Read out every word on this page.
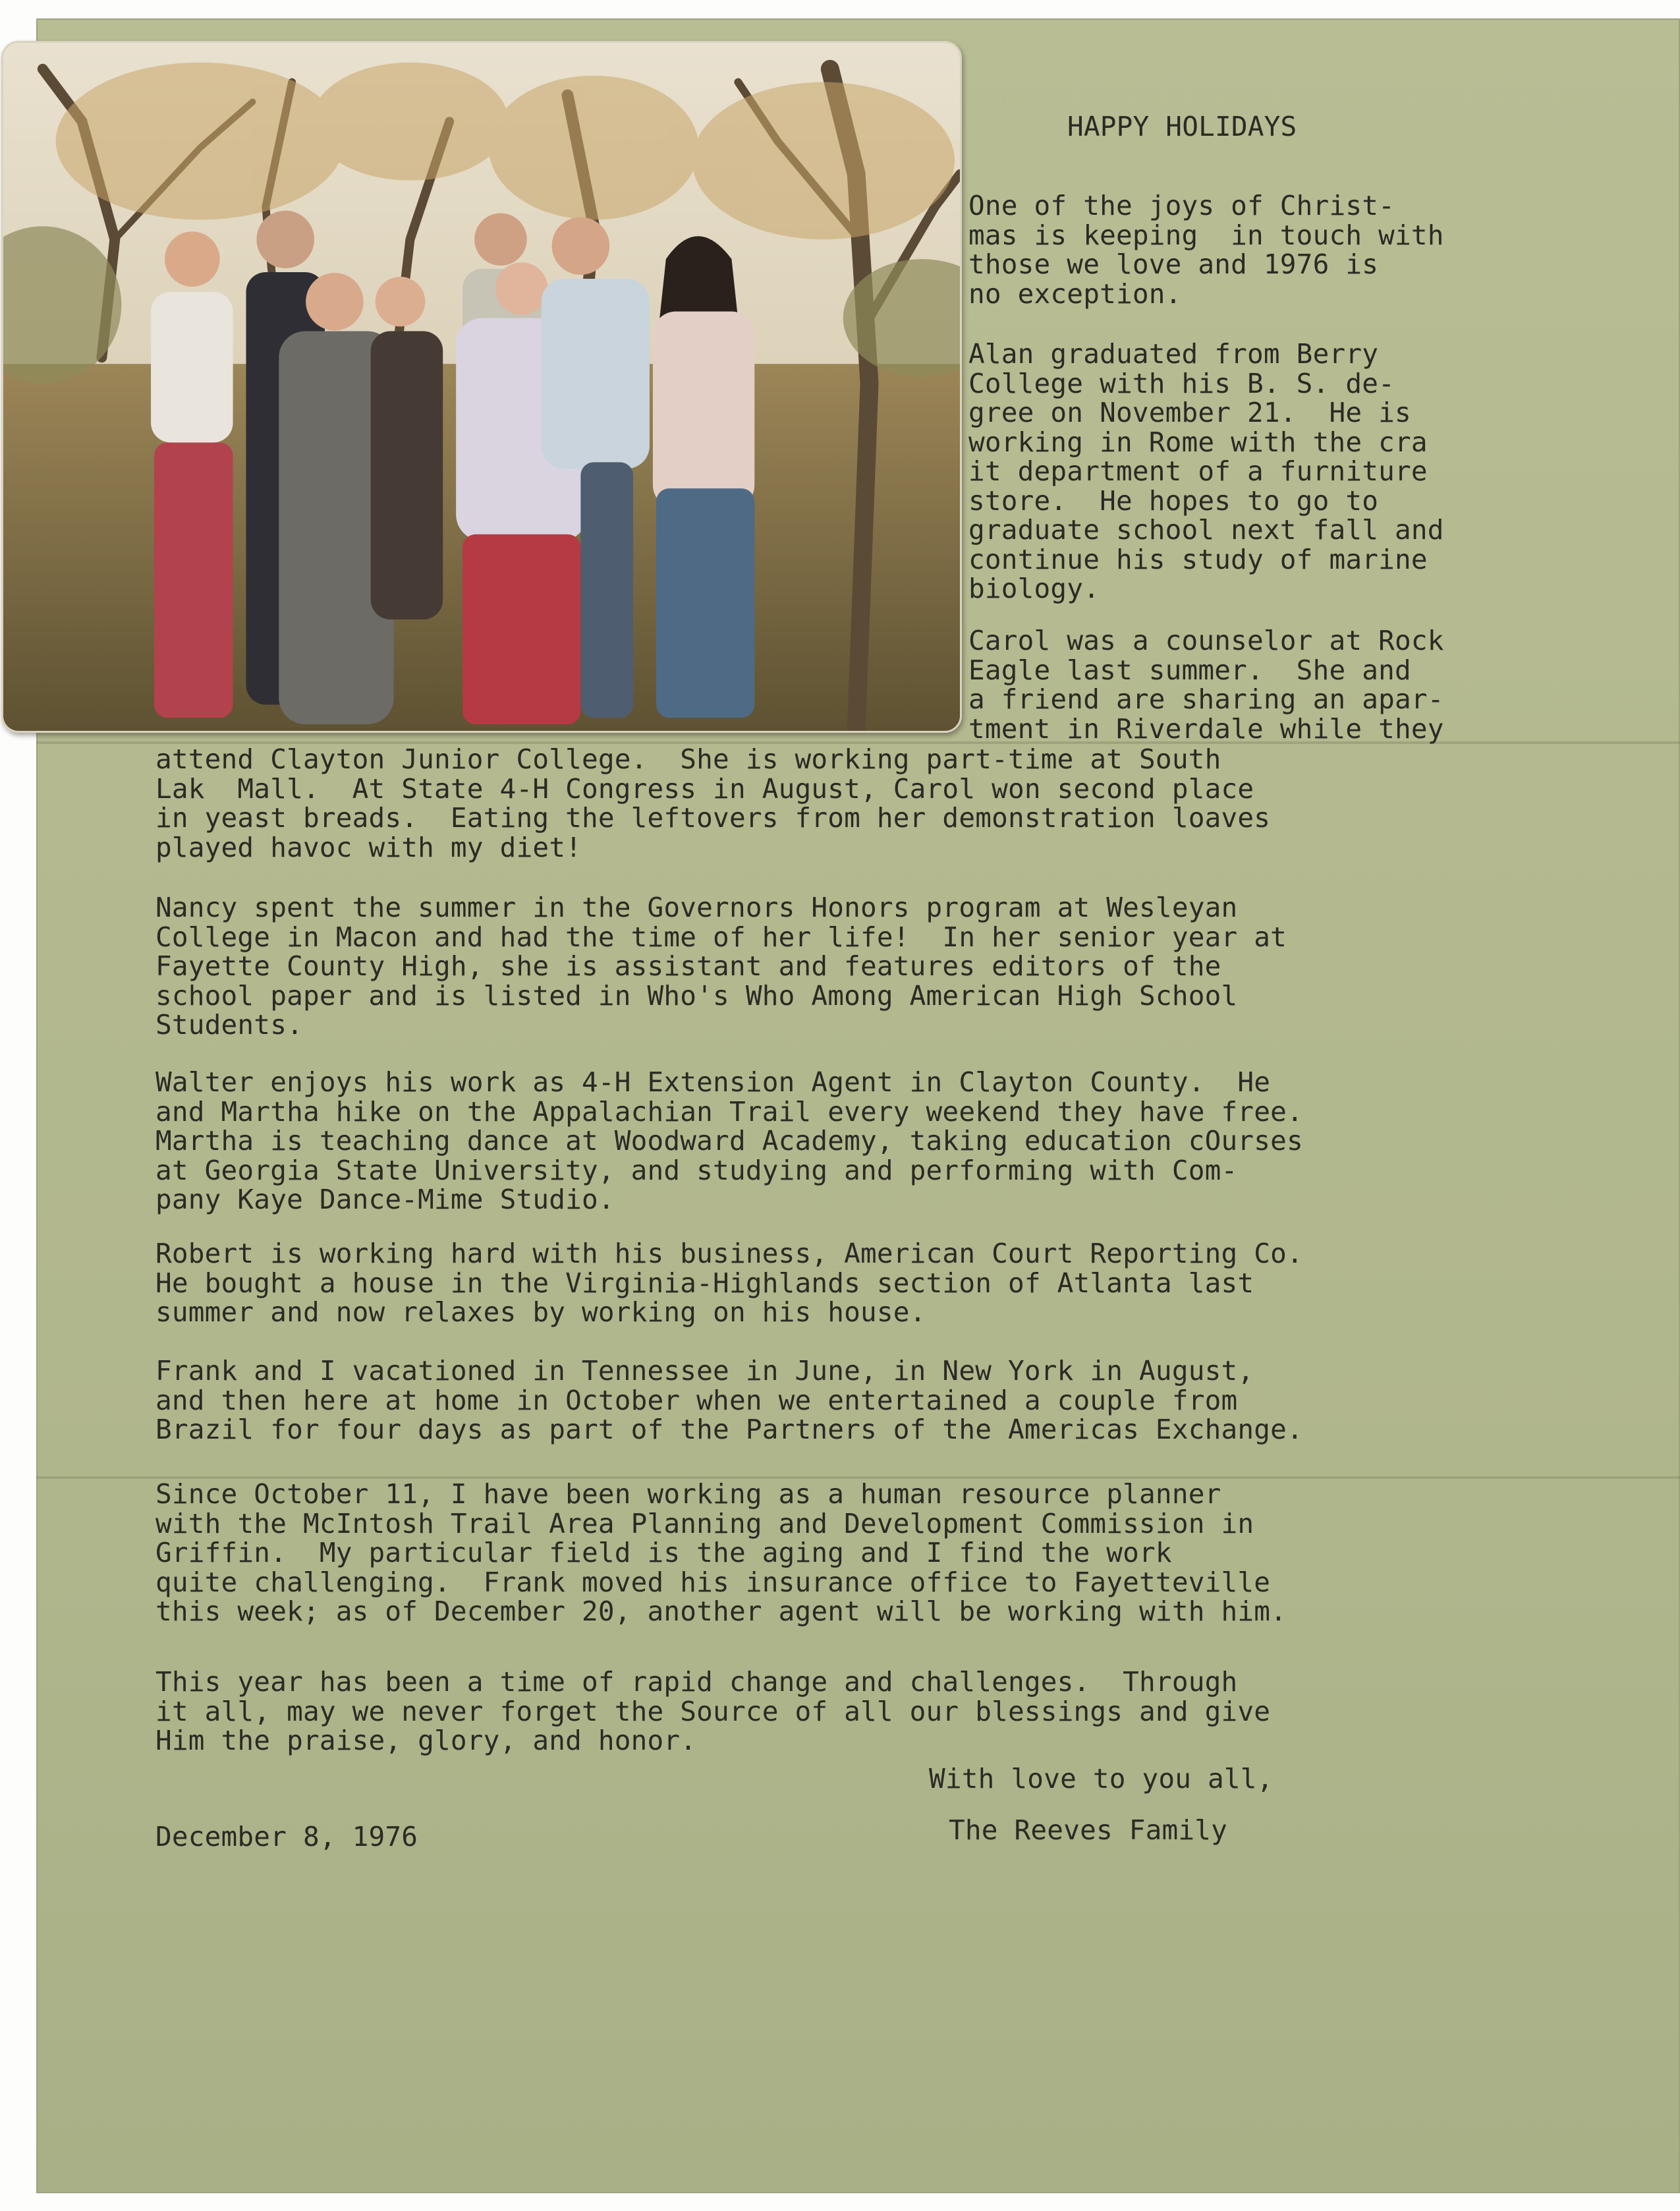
HAPPY HOLIDAYS
One of the joys of Christ-
mas is keeping  in touch with
those we love and 1976 is
no exception.
Alan graduated from Berry
College with his B. S. de-
gree on November 21.  He is
working in Rome with the cra
it department of a furniture
store.  He hopes to go to
graduate school next fall and
continue his study of marine
biology.
Carol was a counselor at Rock
Eagle last summer.  She and
a friend are sharing an apar-
tment in Riverdale while they
attend Clayton Junior College.  She is working part-time at South
Lak  Mall.  At State 4-H Congress in August, Carol won second place
in yeast breads.  Eating the leftovers from her demonstration loaves
played havoc with my diet!
Nancy spent the summer in the Governors Honors program at Wesleyan
College in Macon and had the time of her life!  In her senior year at
Fayette County High, she is assistant and features editors of the
school paper and is listed in Who's Who Among American High School
Students.
Walter enjoys his work as 4-H Extension Agent in Clayton County.  He
and Martha hike on the Appalachian Trail every weekend they have free.
Martha is teaching dance at Woodward Academy, taking education cOurses
at Georgia State University, and studying and performing with Com-
pany Kaye Dance-Mime Studio.
Robert is working hard with his business, American Court Reporting Co.
He bought a house in the Virginia-Highlands section of Atlanta last
summer and now relaxes by working on his house.
Frank and I vacationed in Tennessee in June, in New York in August,
and then here at home in October when we entertained a couple from
Brazil for four days as part of the Partners of the Americas Exchange.
Since October 11, I have been working as a human resource planner
with the McIntosh Trail Area Planning and Development Commission in
Griffin.  My particular field is the aging and I find the work
quite challenging.  Frank moved his insurance office to Fayetteville
this week; as of December 20, another agent will be working with him.
This year has been a time of rapid change and challenges.  Through
it all, may we never forget the Source of all our blessings and give
Him the praise, glory, and honor.
With love to you all,
December 8, 1976	The Reeves Family
